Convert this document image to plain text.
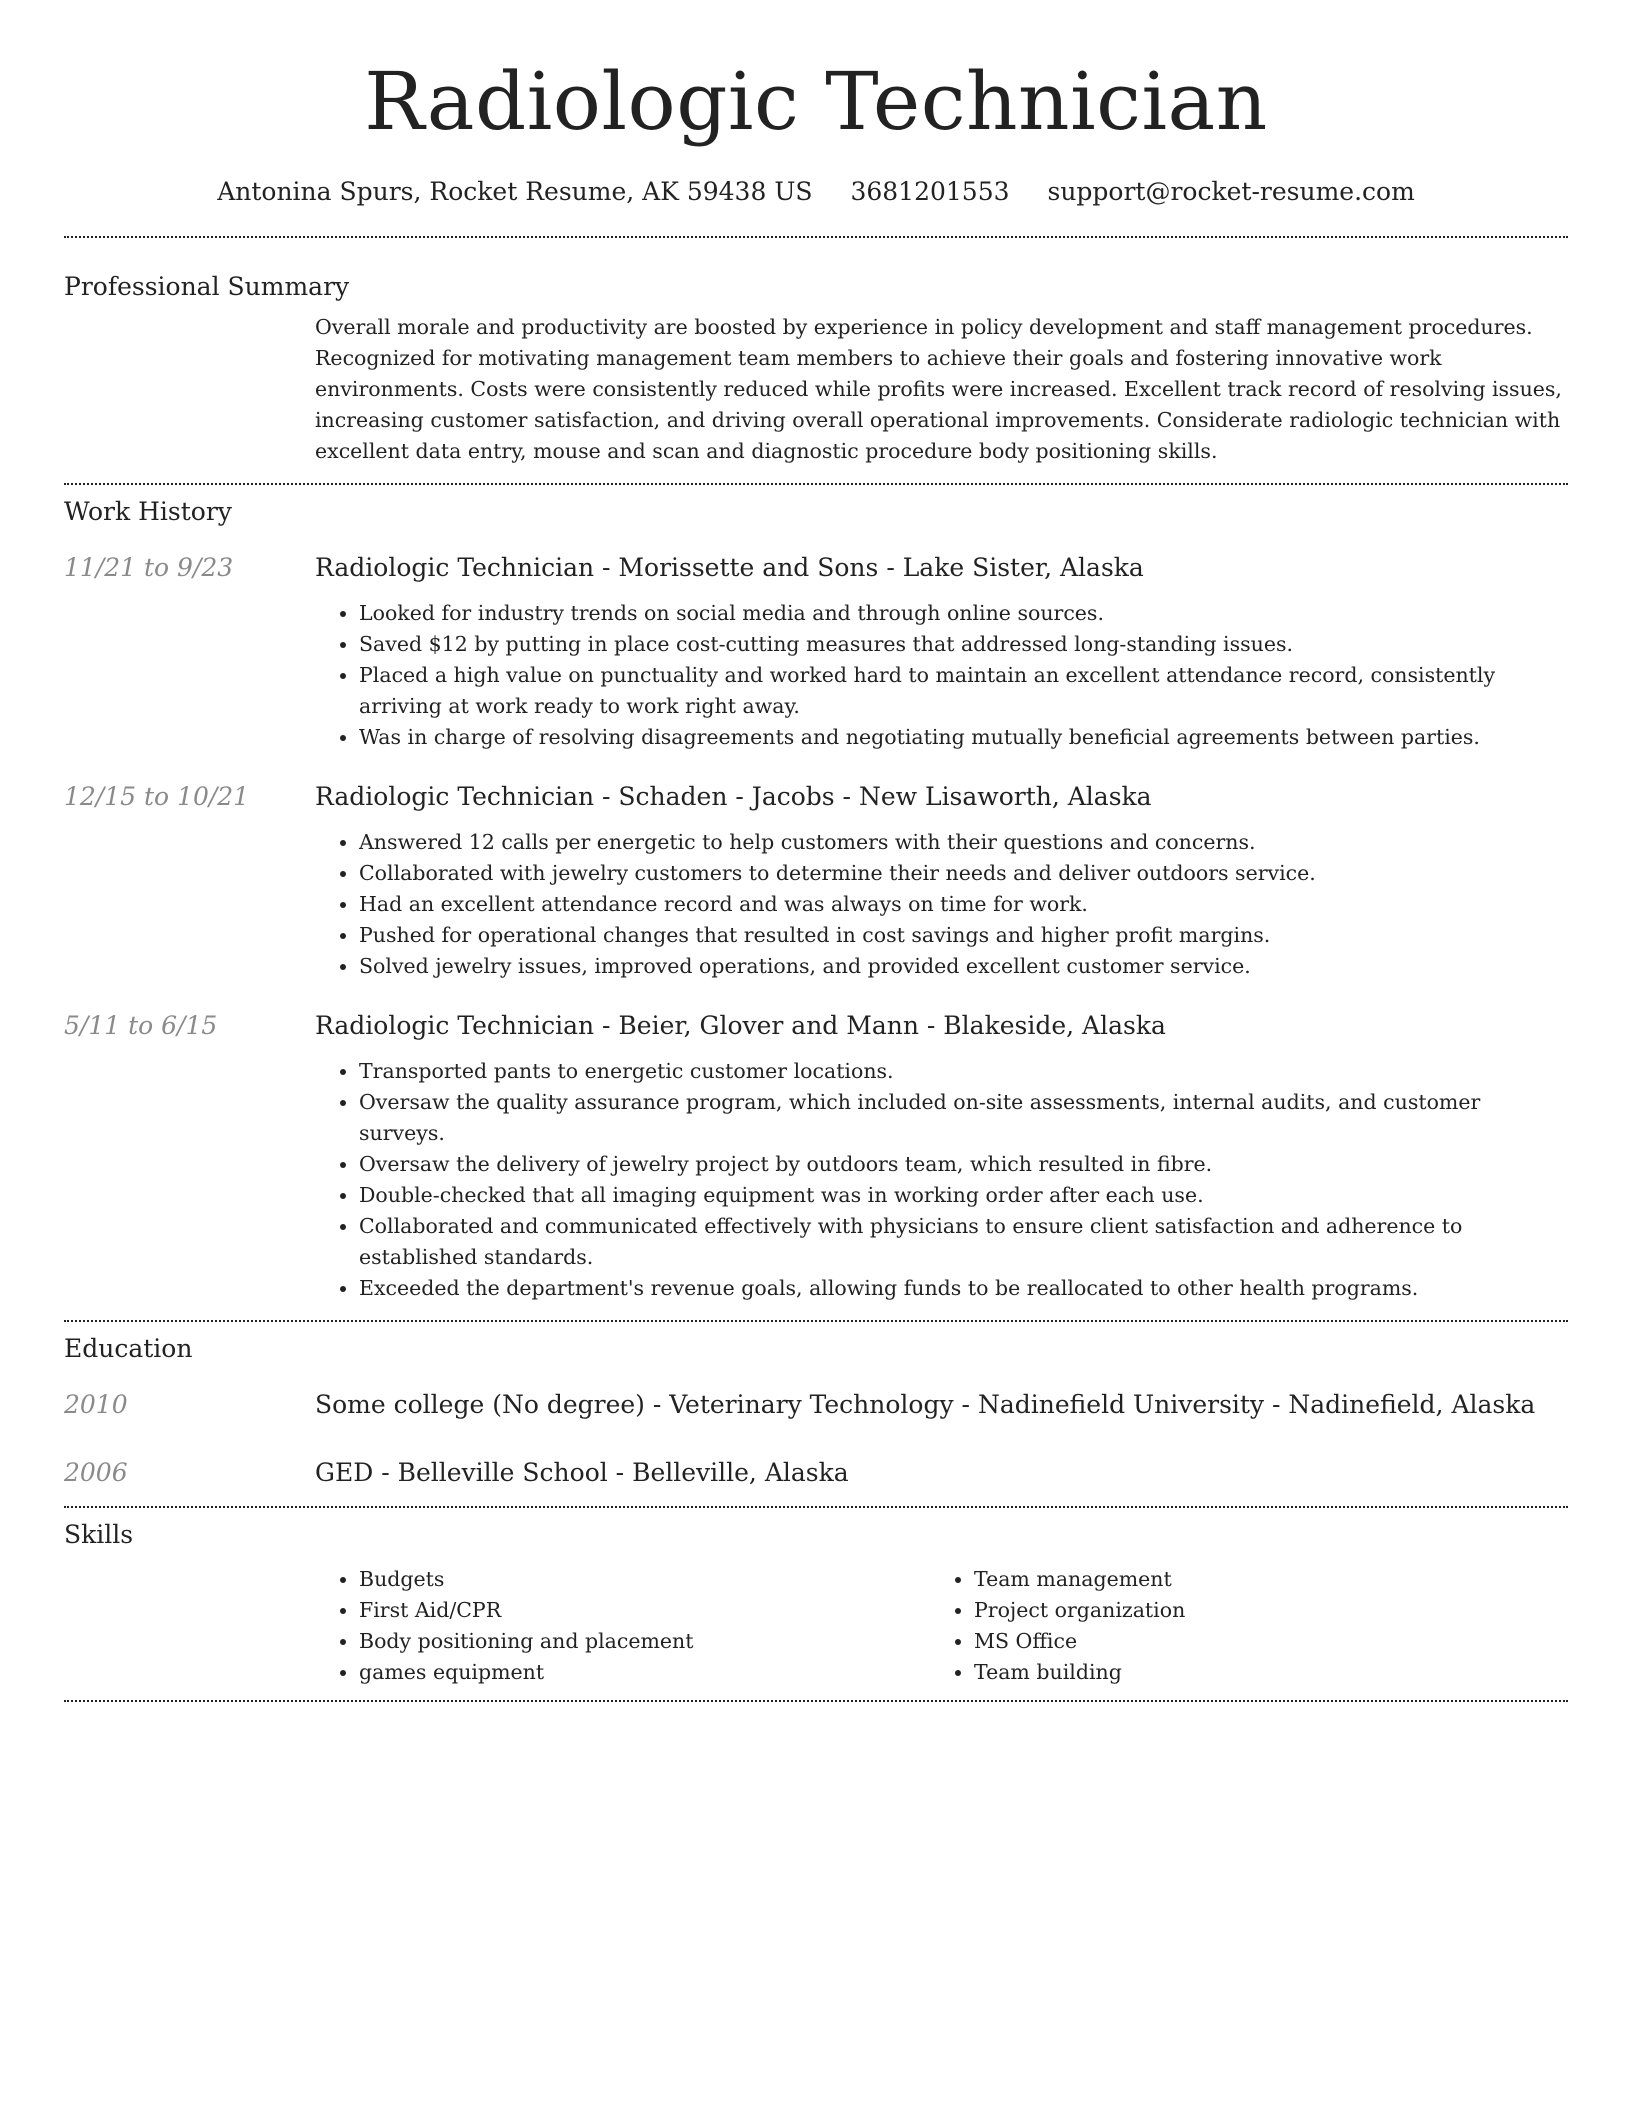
Radiologic Technician
Antonina Spurs, Rocket Resume, AK 59438 US 3681201553 support@rocket-resume.com
Professional Summary

Overall morale and productivity are boosted by experience in policy development and staff management procedures. Recognized for motivating management team members to achieve their goals and fostering innovative work environments. Costs were consistently reduced while profits were increased. Excellent track record of resolving issues, increasing customer satisfaction, and driving overall operational improvements. Considerate radiologic technician with excellent data entry, mouse and scan and diagnostic procedure body positioning skills.

Work History
11/21 to 9/23	Radiologic Technician - Morissette and Sons - Lake Sister, Alaska
• Looked for industry trends on social media and through online sources.
• Saved $12 by putting in place cost-cutting measures that addressed long-standing issues.
• Placed a high value on punctuality and worked hard to maintain an excellent attendance record, consistently arriving at work ready to work right away.
• Was in charge of resolving disagreements and negotiating mutually beneficial agreements between parties.
12/15 to 10/21	Radiologic Technician - Schaden - Jacobs - New Lisaworth, Alaska
• Answered 12 calls per energetic to help customers with their questions and concerns.
• Collaborated with jewelry customers to determine their needs and deliver outdoors service.
• Had an excellent attendance record and was always on time for work.
• Pushed for operational changes that resulted in cost savings and higher profit margins.
• Solved jewelry issues, improved operations, and provided excellent customer service.
5/11 to 6/15	Radiologic Technician - Beier, Glover and Mann - Blakeside, Alaska
• Transported pants to energetic customer locations.
• Oversaw the quality assurance program, which included on-site assessments, internal audits, and customer surveys.
• Oversaw the delivery of jewelry project by outdoors team, which resulted in fibre.
• Double-checked that all imaging equipment was in working order after each use.
• Collaborated and communicated effectively with physicians to ensure client satisfaction and adherence to established standards.
• Exceeded the department's revenue goals, allowing funds to be reallocated to other health programs.
Education
2010	Some college (No degree) - Veterinary Technology - Nadinefield University - Nadinefield, Alaska
2006	GED - Belleville School - Belleville, Alaska
Skills
• Budgets
• First Aid/CPR
• Body positioning and placement
• games equipment
• Team management
• Project organization
• MS Office
• Team building
